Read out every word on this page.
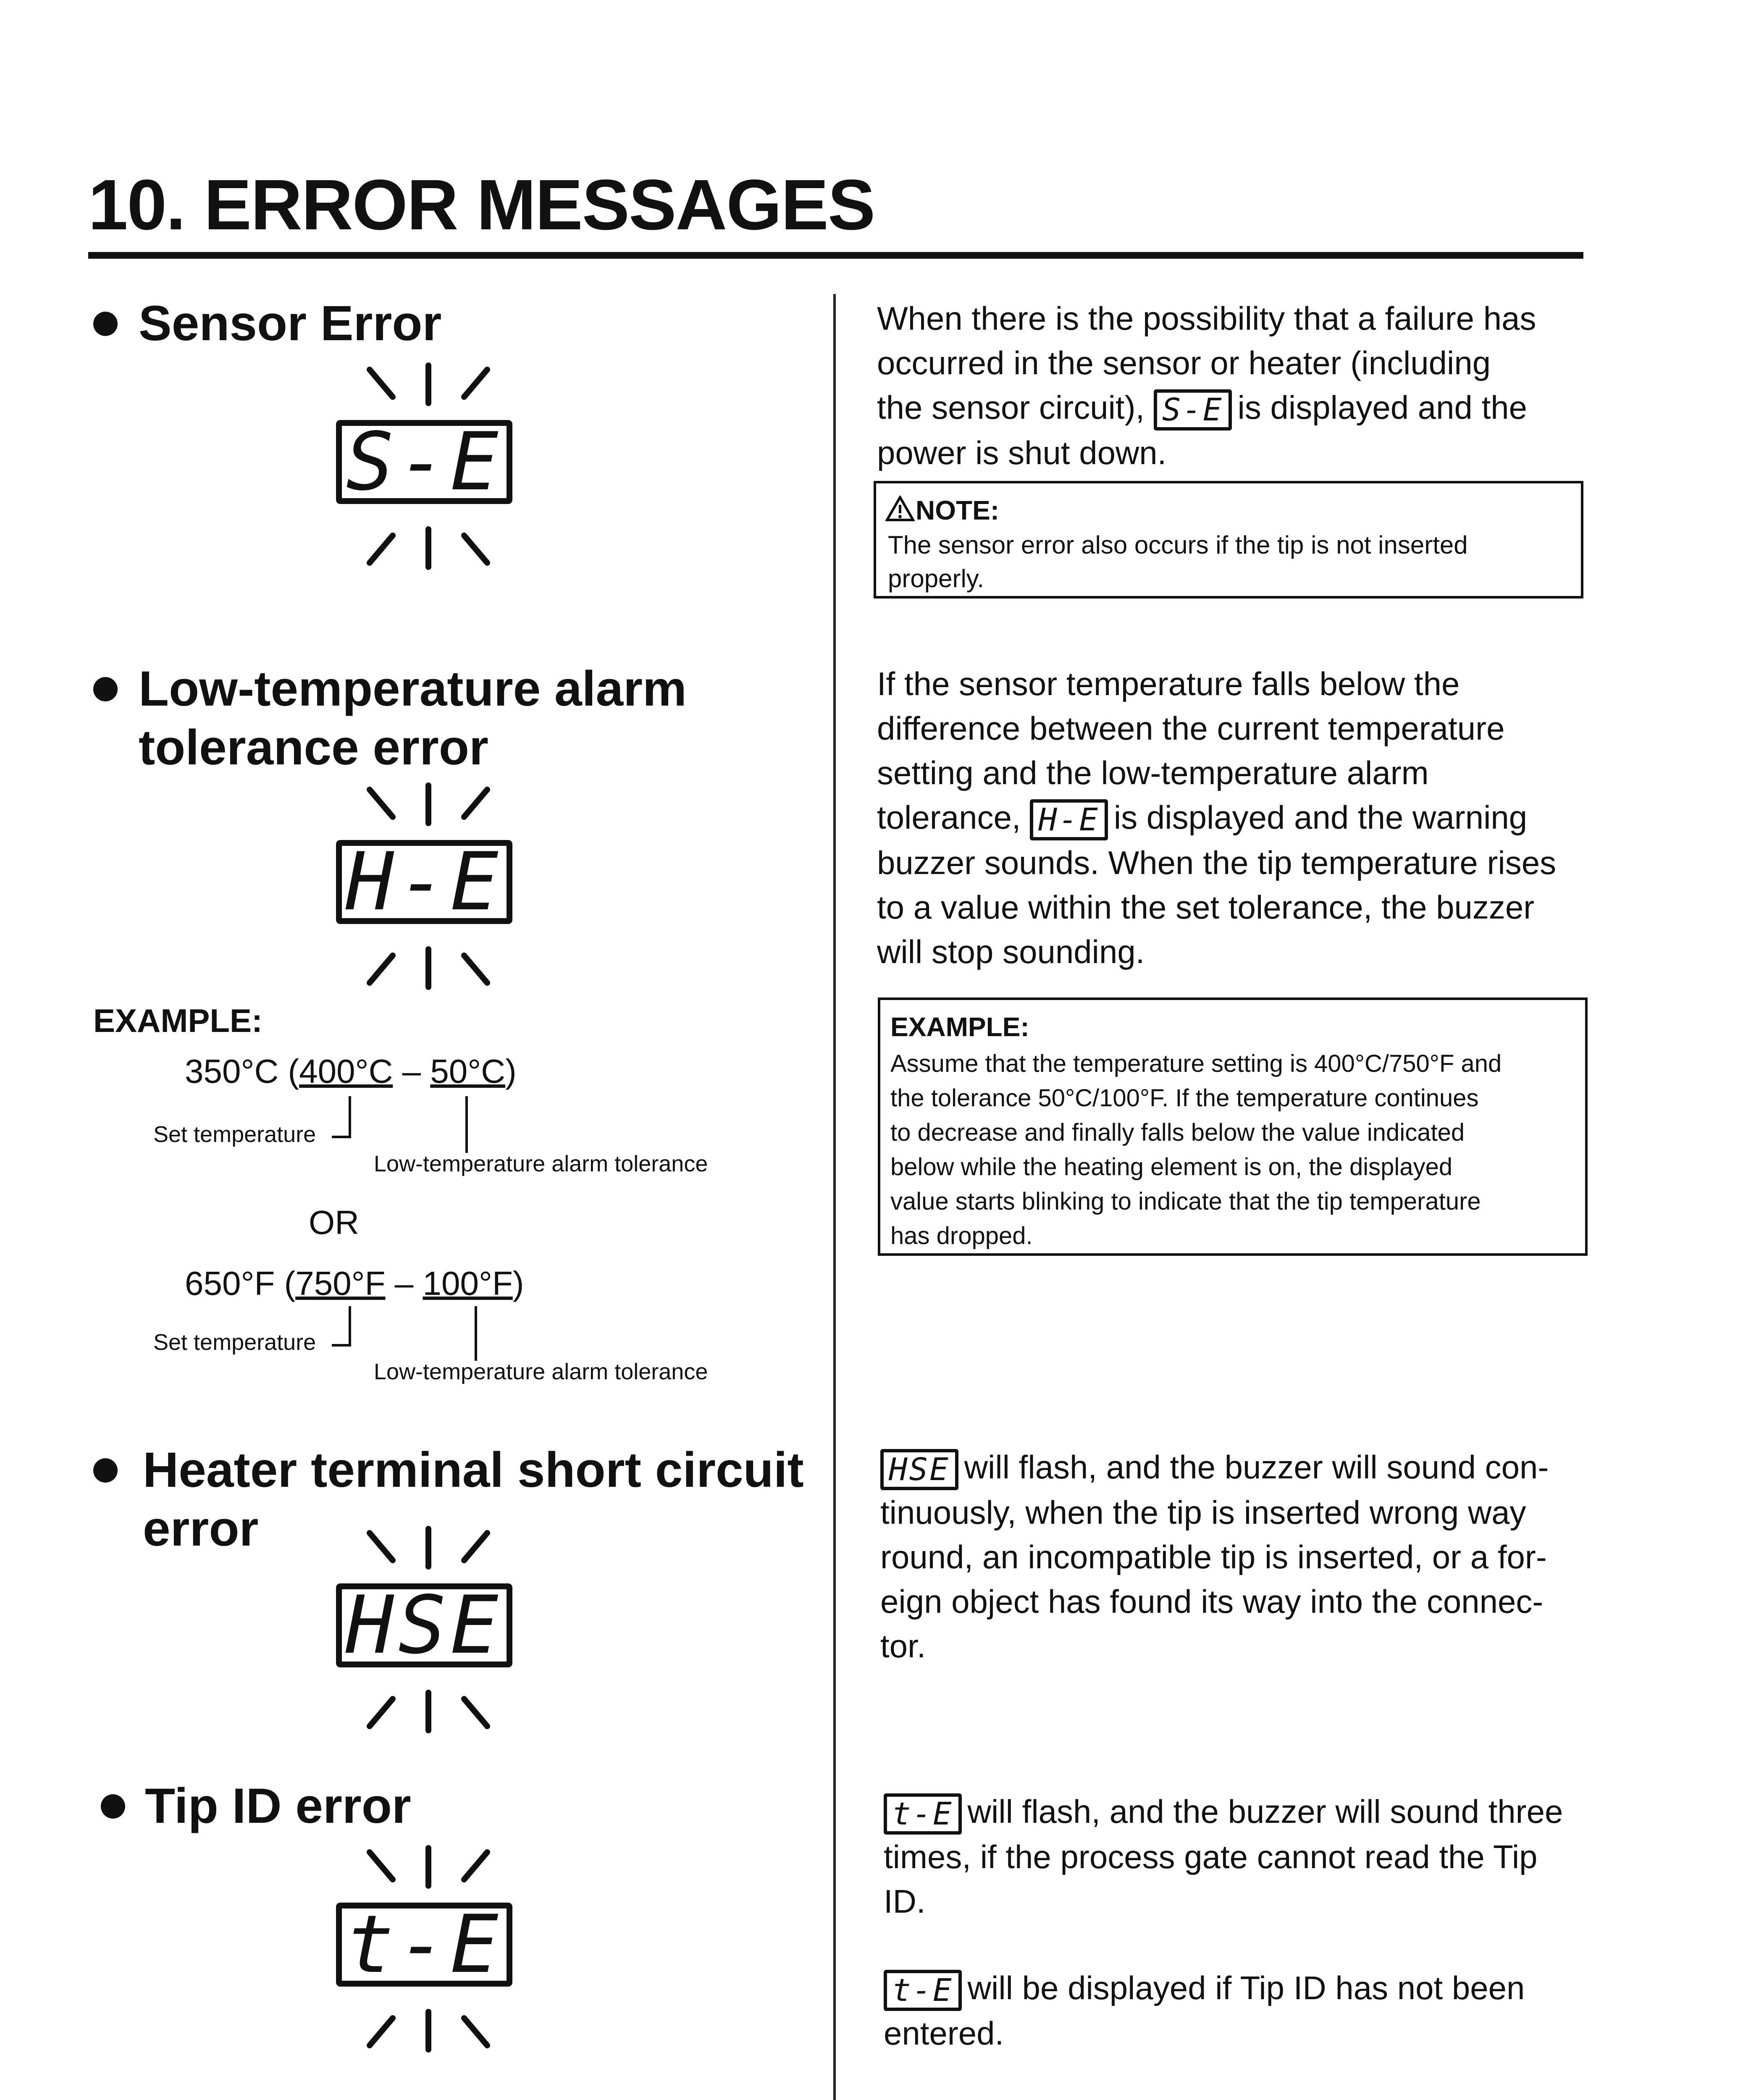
10. ERROR MESSAGES
Sensor Error
S-E
When there is the possibility that a failure has
occurred in the sensor or heater (including
the sensor circuit), S-E is displayed and the
power is shut down.
NOTE:
The sensor error also occurs if the tip is not inserted
properly.
Low-temperature alarm
tolerance error
H-E
If the sensor temperature falls below the
difference between the current temperature
setting and the low-temperature alarm
tolerance, H-E is displayed and the warning
buzzer sounds. When the tip temperature rises
to a value within the set tolerance, the buzzer
will stop sounding.
EXAMPLE:
350°C (400°C – 50°C)
Set temperature
Low-temperature alarm tolerance
OR
650°F (750°F – 100°F)
Set temperature
Low-temperature alarm tolerance
EXAMPLE:
Assume that the temperature setting is 400°C/750°F and
the tolerance 50°C/100°F. If the temperature continues
to decrease and finally falls below the value indicated
below while the heating element is on, the displayed
value starts blinking to indicate that the tip temperature
has dropped.
Heater terminal short circuit
error
HSE
HSE will flash, and the buzzer will sound con-
tinuously, when the tip is inserted wrong way
round, an incompatible tip is inserted, or a for-
eign object has found its way into the connec-
tor.
Tip ID error
t-E
t-E will flash, and the buzzer will sound three
times, if the process gate cannot read the Tip
ID.
t-E will be displayed if Tip ID has not been
entered.
